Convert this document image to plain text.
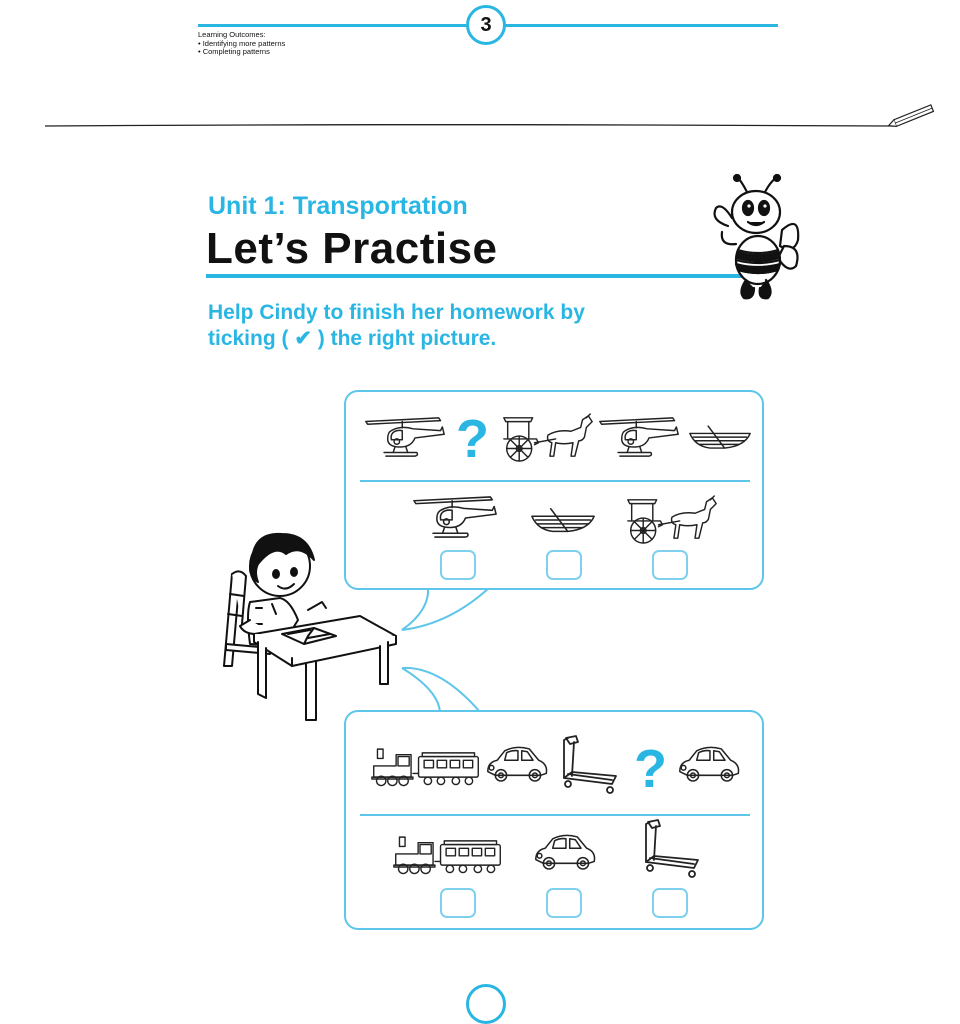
3
Learning Outcomes:
• Identifying more patterns
• Completing patterns
Unit 1: Transportation
Let’s Practise
Help Cindy to finish her homework by
ticking ( ✔ ) the right picture.
?
?
